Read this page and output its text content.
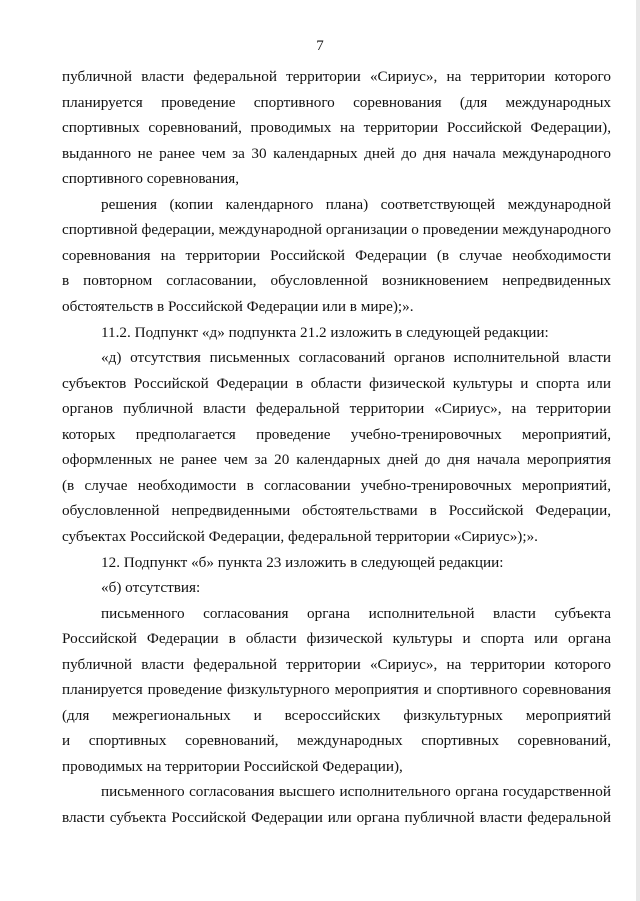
7
публичной власти федеральной территории «Сириус», на территории которого
планируется проведение спортивного соревнования (для международных
спортивных соревнований, проводимых на территории Российской Федерации),
выданного не ранее чем за 30 календарных дней до дня начала международного
спортивного соревнования,
решения (копии календарного плана) соответствующей международной
спортивной федерации, международной организации о проведении международного
соревнования на территории Российской Федерации (в случае необходимости
в повторном согласовании, обусловленной возникновением непредвиденных
обстоятельств в Российской Федерации или в мире);».
11.2. Подпункт «д» подпункта 21.2 изложить в следующей редакции:
«д) отсутствия письменных согласований органов исполнительной власти
субъектов Российской Федерации в области физической культуры и спорта или
органов публичной власти федеральной территории «Сириус», на территории
которых предполагается проведение учебно-тренировочных мероприятий,
оформленных не ранее чем за 20 календарных дней до дня начала мероприятия
(в случае необходимости в согласовании учебно-тренировочных мероприятий,
обусловленной непредвиденными обстоятельствами в Российской Федерации,
субъектах Российской Федерации, федеральной территории «Сириус»);».
12. Подпункт «б» пункта 23 изложить в следующей редакции:
«б) отсутствия:
письменного согласования органа исполнительной власти субъекта
Российской Федерации в области физической культуры и спорта или органа
публичной власти федеральной территории «Сириус», на территории которого
планируется проведение физкультурного мероприятия и спортивного соревнования
(для межрегиональных и всероссийских физкультурных мероприятий
и спортивных соревнований, международных спортивных соревнований,
проводимых на территории Российской Федерации),
письменного согласования высшего исполнительного органа государственной
власти субъекта Российской Федерации или органа публичной власти федеральной
